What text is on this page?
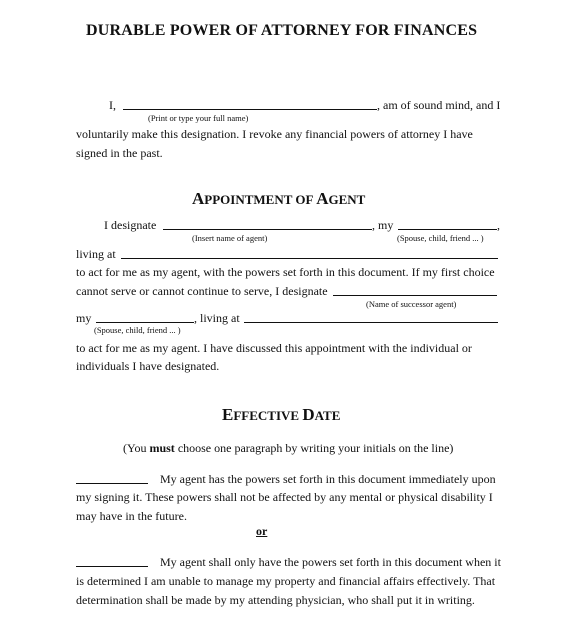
DURABLE POWER OF ATTORNEY FOR FINANCES
I,	, am of sound mind, and I
(Print or type your full name)
voluntarily make this designation. I revoke any financial powers of attorney I have
signed in the past.
APPOINTMENT OF AGENT
I designate	, my	,
(Insert name of agent)	(Spouse, child, friend ... )
living at
to act for me as my agent, with the powers set forth in this document. If my first choice
cannot serve or cannot continue to serve, I designate
(Name of successor agent)
my	, living at
(Spouse, child, friend ... )
to act for me as my agent. I have discussed this appointment with the individual or
individuals I have designated.
EFFECTIVE DATE
(You must choose one paragraph by writing your initials on the line)
My agent has the powers set forth in this document immediately upon
my signing it. These powers shall not be affected by any mental or physical disability I
may have in the future.
or
My agent shall only have the powers set forth in this document when it
is determined I am unable to manage my property and financial affairs effectively. That
determination shall be made by my attending physician, who shall put it in writing.
